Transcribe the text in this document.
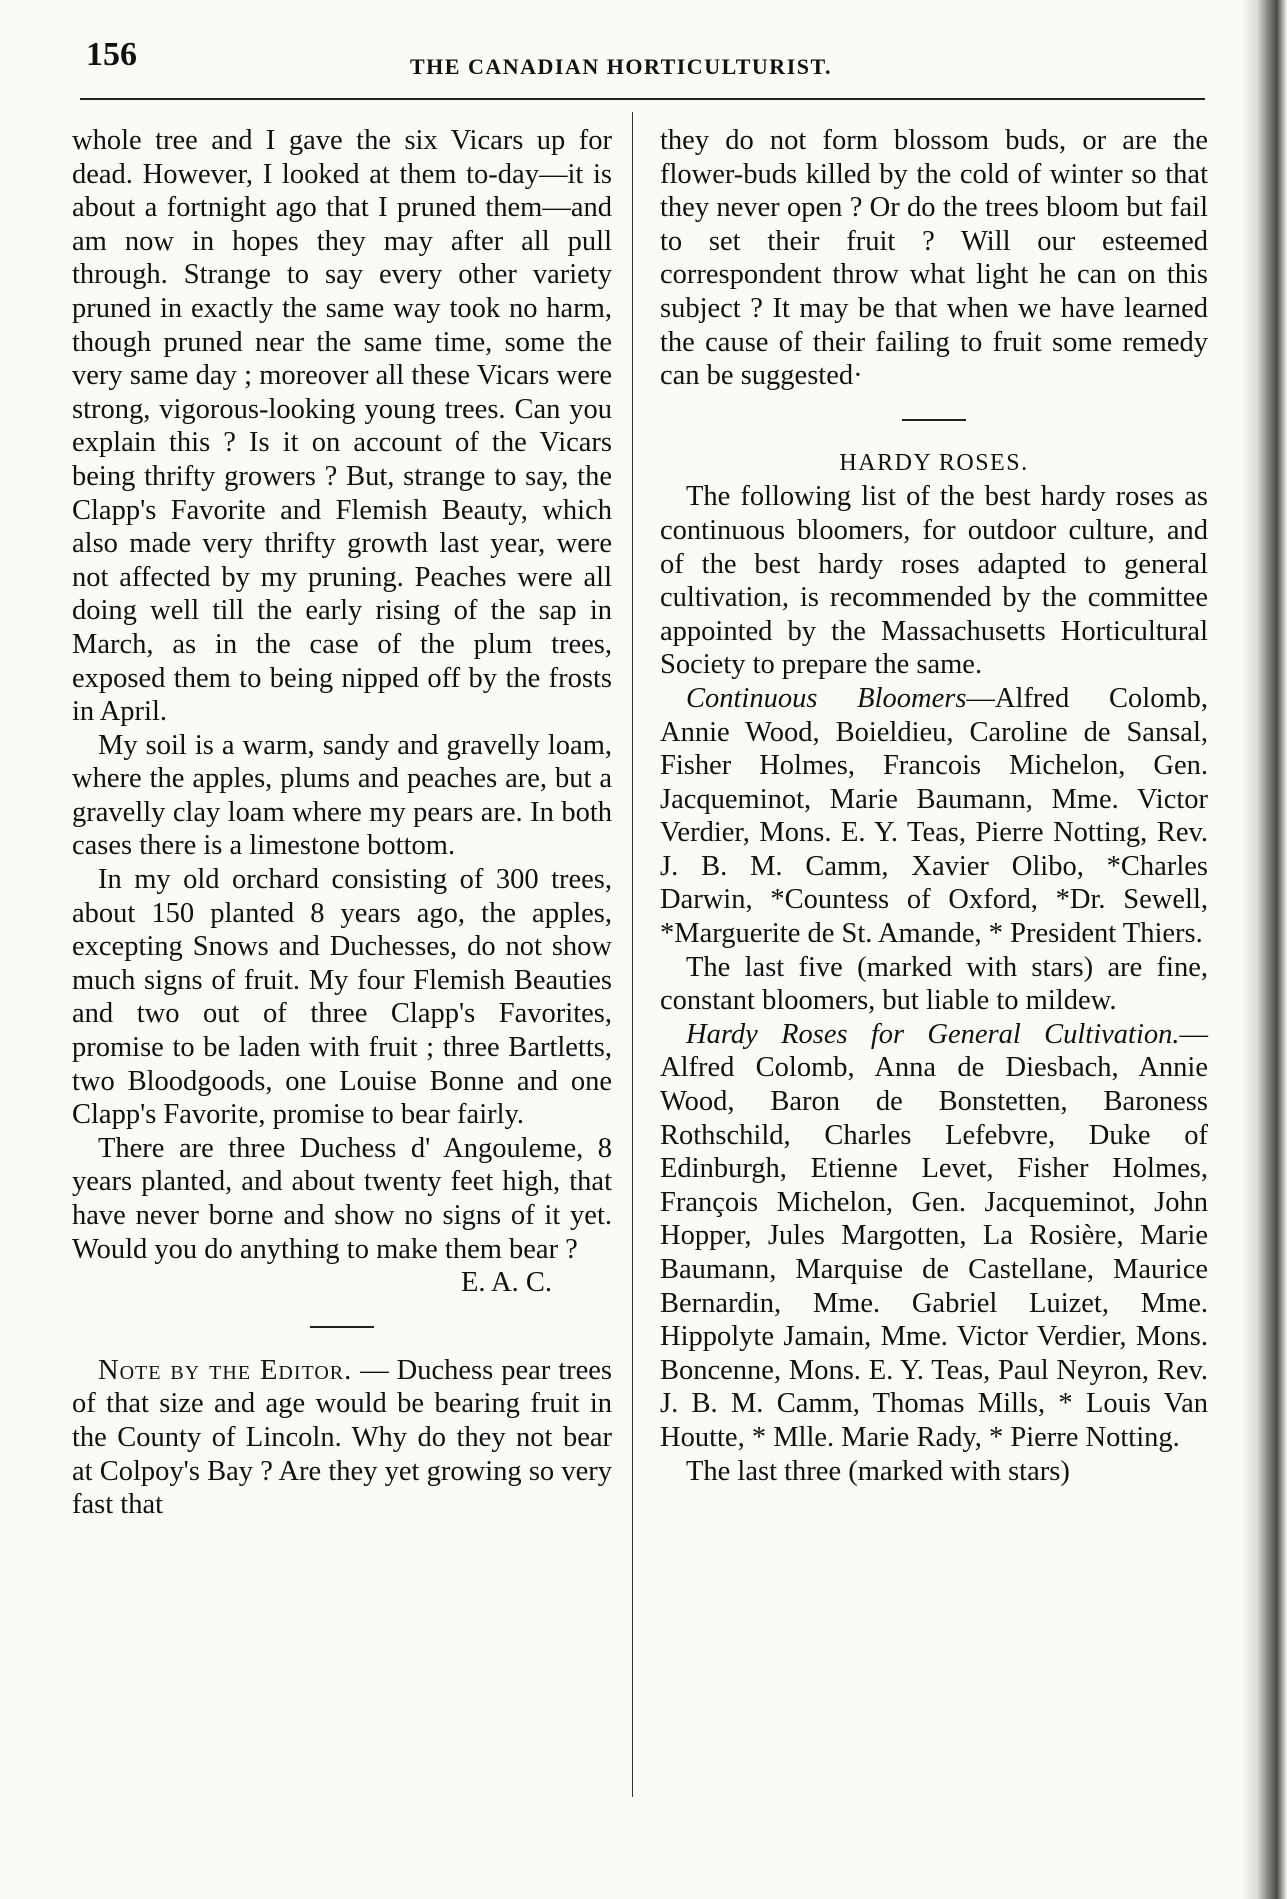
156	THE CANADIAN HORTICULTURIST.

whole tree and I gave the six Vicars up for dead. However, I looked at them to-day—it is about a fortnight ago that I pruned them—and am now in hopes they may after all pull through. Strange to say every other variety pruned in exactly the same way took no harm, though pruned near the same time, some the very same day ; moreover all these Vicars were strong, vigorous-looking young trees. Can you explain this ? Is it on account of the Vicars being thrifty growers ? But, strange to say, the Clapp's Favorite and Flemish Beauty, which also made very thrifty growth last year, were not affected by my pruning. Peaches were all doing well till the early rising of the sap in March, as in the case of the plum trees, exposed them to being nipped off by the frosts in April.

My soil is a warm, sandy and gravelly loam, where the apples, plums and peaches are, but a gravelly clay loam where my pears are. In both cases there is a limestone bottom.

In my old orchard consisting of 300 trees, about 150 planted 8 years ago, the apples, excepting Snows and Duchesses, do not show much signs of fruit. My four Flemish Beauties and two out of three Clapp's Favorites, promise to be laden with fruit ; three Bartletts, two Bloodgoods, one Louise Bonne and one Clapp's Favorite, promise to bear fairly.

There are three Duchess d' Angouleme, 8 years planted, and about twenty feet high, that have never borne and show no signs of it yet. Would you do anything to make them bear ?

E. A. C.

Note by the Editor. — Duchess pear trees of that size and age would be bearing fruit in the County of Lincoln. Why do they not bear at Colpoy's Bay ? Are they yet growing so very fast that

they do not form blossom buds, or are the flower-buds killed by the cold of winter so that they never open ? Or do the trees bloom but fail to set their fruit ? Will our esteemed correspondent throw what light he can on this subject ? It may be that when we have learned the cause of their failing to fruit some remedy can be suggested·

HARDY ROSES.

The following list of the best hardy roses as continuous bloomers, for outdoor culture, and of the best hardy roses adapted to general cultivation, is recommended by the committee appointed by the Massachusetts Horticultural Society to prepare the same.

Continuous Bloomers—Alfred Colomb, Annie Wood, Boieldieu, Caroline de Sansal, Fisher Holmes, Francois Michelon, Gen. Jacqueminot, Marie Baumann, Mme. Victor Verdier, Mons. E. Y. Teas, Pierre Notting, Rev. J. B. M. Camm, Xavier Olibo, *Charles Darwin, *Countess of Oxford, *Dr. Sewell, *Marguerite de St. Amande, * President Thiers.

The last five (marked with stars) are fine, constant bloomers, but liable to mildew.

Hardy Roses for General Cultivation.—Alfred Colomb, Anna de Diesbach, Annie Wood, Baron de Bonstetten, Baroness Rothschild, Charles Lefebvre, Duke of Edinburgh, Etienne Levet, Fisher Holmes, François Michelon, Gen. Jacqueminot, John Hopper, Jules Margotten, La Rosière, Marie Baumann, Marquise de Castellane, Maurice Bernardin, Mme. Gabriel Luizet, Mme. Hippolyte Jamain, Mme. Victor Verdier, Mons. Boncenne, Mons. E. Y. Teas, Paul Neyron, Rev. J. B. M. Camm, Thomas Mills, * Louis Van Houtte, * Mlle. Marie Rady, * Pierre Notting.

The last three (marked with stars)
